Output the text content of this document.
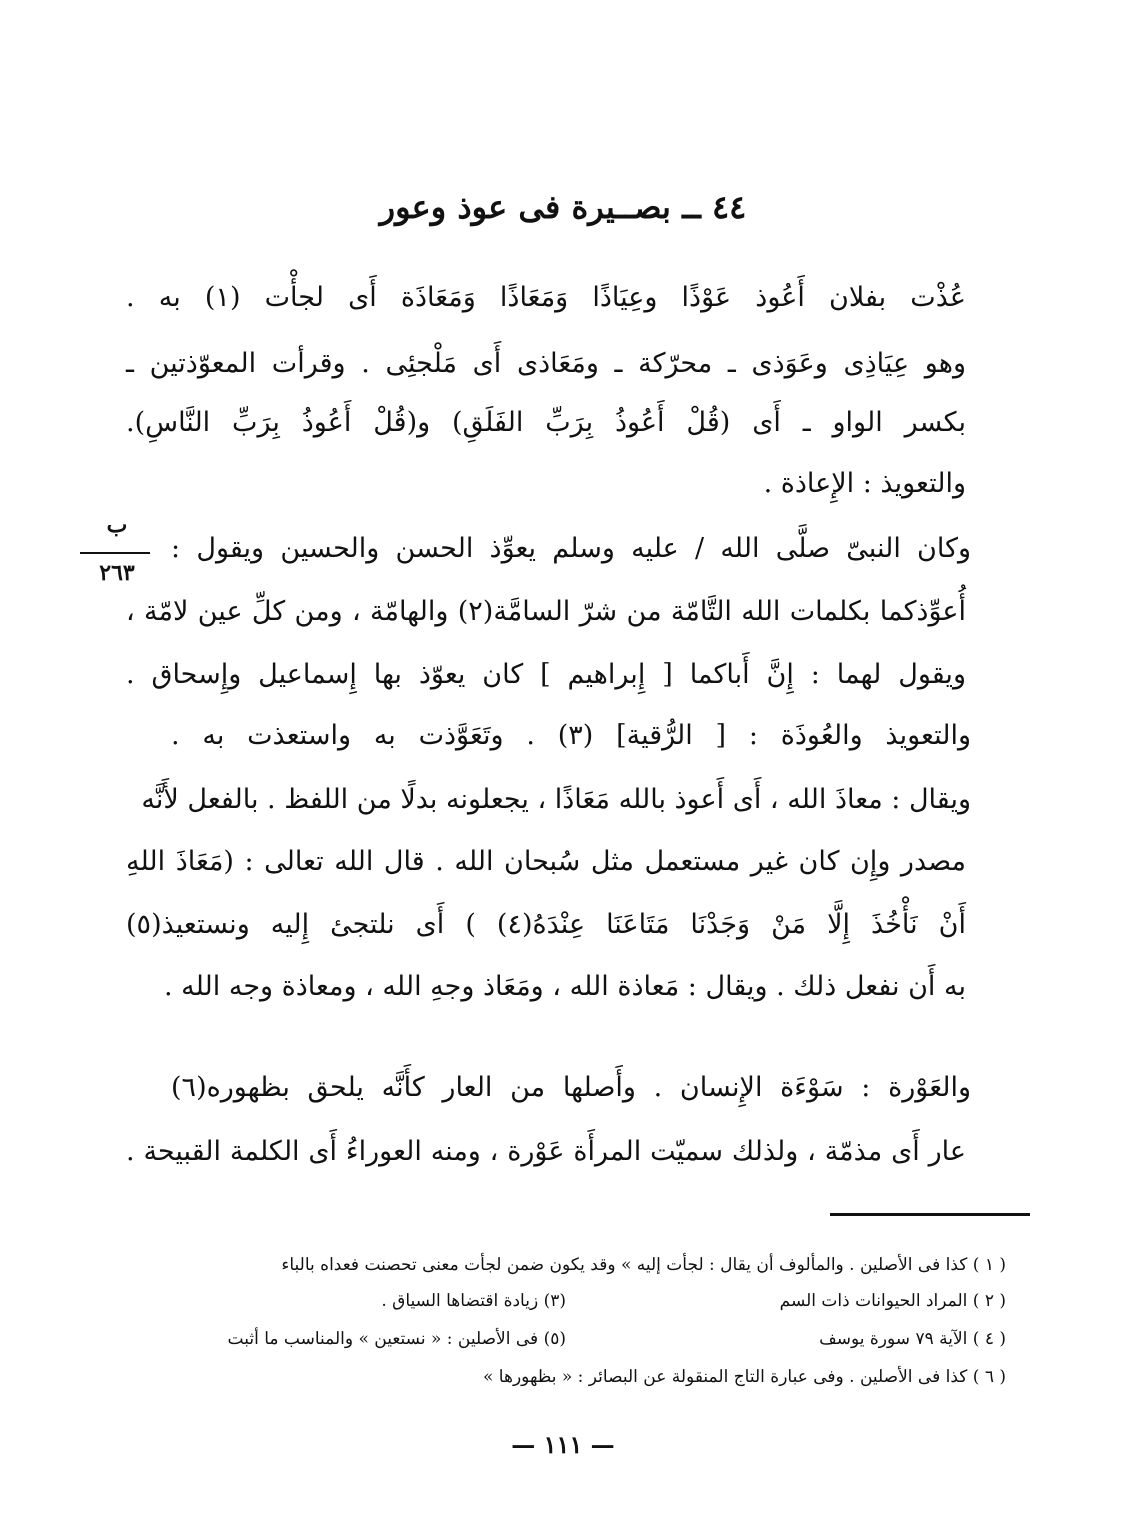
٤٤ ــ بصــيرة فى عوذ وعور
عُذْت بفلان أَعُوذ عَوْذًا وعِيَاذًا وَمَعَاذًا وَمَعَاذَة أَى لجأْت (١) به .
وهو عِيَاذِى وعَوَذى ـ محرّكة ـ ومَعَاذى أَى مَلْجئِى . وقرأت المعوّذتين ـ
بكسر الواو ـ أَى (قُلْ أَعُوذُ بِرَبِّ الفَلَقِ) و(قُلْ أَعُوذُ بِرَبِّ النَّاسِ).
والتعويذ : الإِعاذة .
وكان النبىّ صلَّى الله / عليه وسلم يعوِّذ الحسن والحسين ويقول :
أُعوِّذكما بكلمات الله التَّامّة من شرّ السامَّة(٢) والهامّة ، ومن كلِّ عين لامّة ،
ويقول لهما : إِنَّ أَباكما [ إِبراهيم ] كان يعوّذ بها إِسماعيل وإِسحاق .
والتعويذ والعُوذَة : [ الرُّقية] (٣) . وتَعَوَّذت به واستعذت به .
ويقال : معاذَ الله ، أَى أَعوذ بالله مَعَاذًا ، يجعلونه بدلًا من اللفظ . بالفعل لأَنَّه
مصدر وإِن كان غير مستعمل مثل سُبحان الله . قال الله تعالى : (مَعَاذَ اللهِ
أَنْ نَأْخُذَ إِلَّا مَنْ وَجَدْنَا مَتَاعَنَا عِنْدَهُ(٤) ) أَى نلتجئ إِليه ونستعيذ(٥)
به أَن نفعل ذلك . ويقال : مَعاذة الله ، ومَعَاذ وجهِ الله ، ومعاذة وجه الله .
والعَوْرة : سَوْءَة الإِنسان . وأَصلها من العار كأَنَّه يلحق بظهوره(٦)
عار أَى مذمّة ، ولذلك سميّت المرأَة عَوْرة ، ومنه العوراءُ أَى الكلمة القبيحة .
ب
٢٦٣
( ١ ) كذا فى الأصلين . والمألوف أن يقال : لجأت إليه » وقد يكون ضمن لجأت معنى تحصنت فعداه بالباء
( ٢ ) المراد الحيوانات ذات السم
(٣) زيادة اقتضاها السياق .
( ٤ ) الآية ٧٩ سورة يوسف
(٥) فى الأصلين : « نستعين » والمناسب ما أثبت
( ٦ ) كذا فى الأصلين . وفى عبارة التاج المنقولة عن البصائر : « بظهورها »
— ١١١ —
